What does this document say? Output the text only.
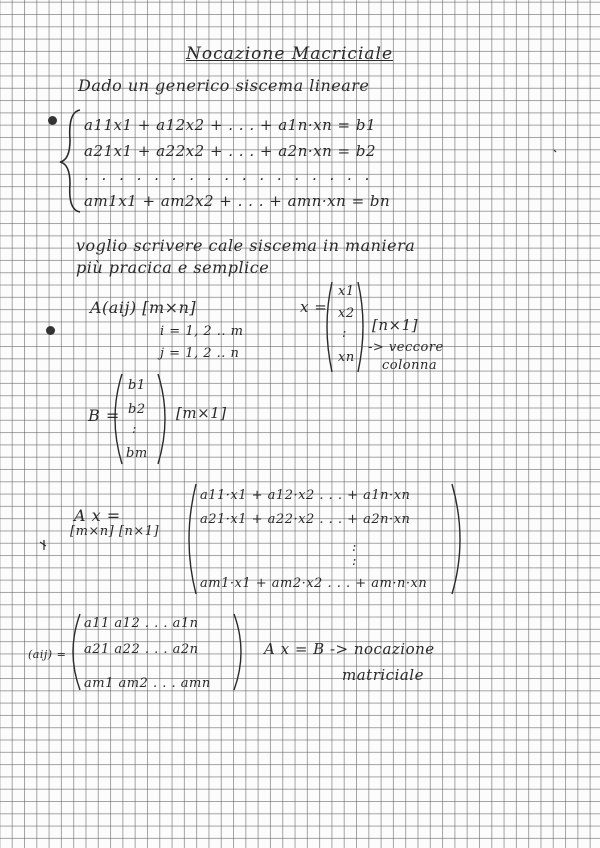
Nocazione Macriciale
Dado un generico siscema lineare
a11x1 + a12x2 + . . . + a1n·xn = b1
a21x1 + a22x2 + . . . + a2n·xn = b2
. . . . . . . . . . . . . . . . .
am1x1 + am2x2 + . . . + amn·xn = bn
voglio scrivere cale siscema in maniera
più pracica e semplice
A(aij) [m×n]
i = 1, 2 .. m
j = 1, 2 .. n
x =
x1
x2
:
xn
[n×1]
-> veccore
colonna
B =
b1
b2
:
bm
[m×1]
A x =
[m×n] [n×1]
a11·x1 + a12·x2 . . . + a1n·xn
a21·x1 + a22·x2 . . . + a2n·xn
:
:
am1·x1 + am2·x2 . . . + am·n·xn
(aij) =
a11 a12 . . . a1n
a21 a22 . . . a2n
am1 am2 . . . amn
A x = B -> nocazione
matriciale
